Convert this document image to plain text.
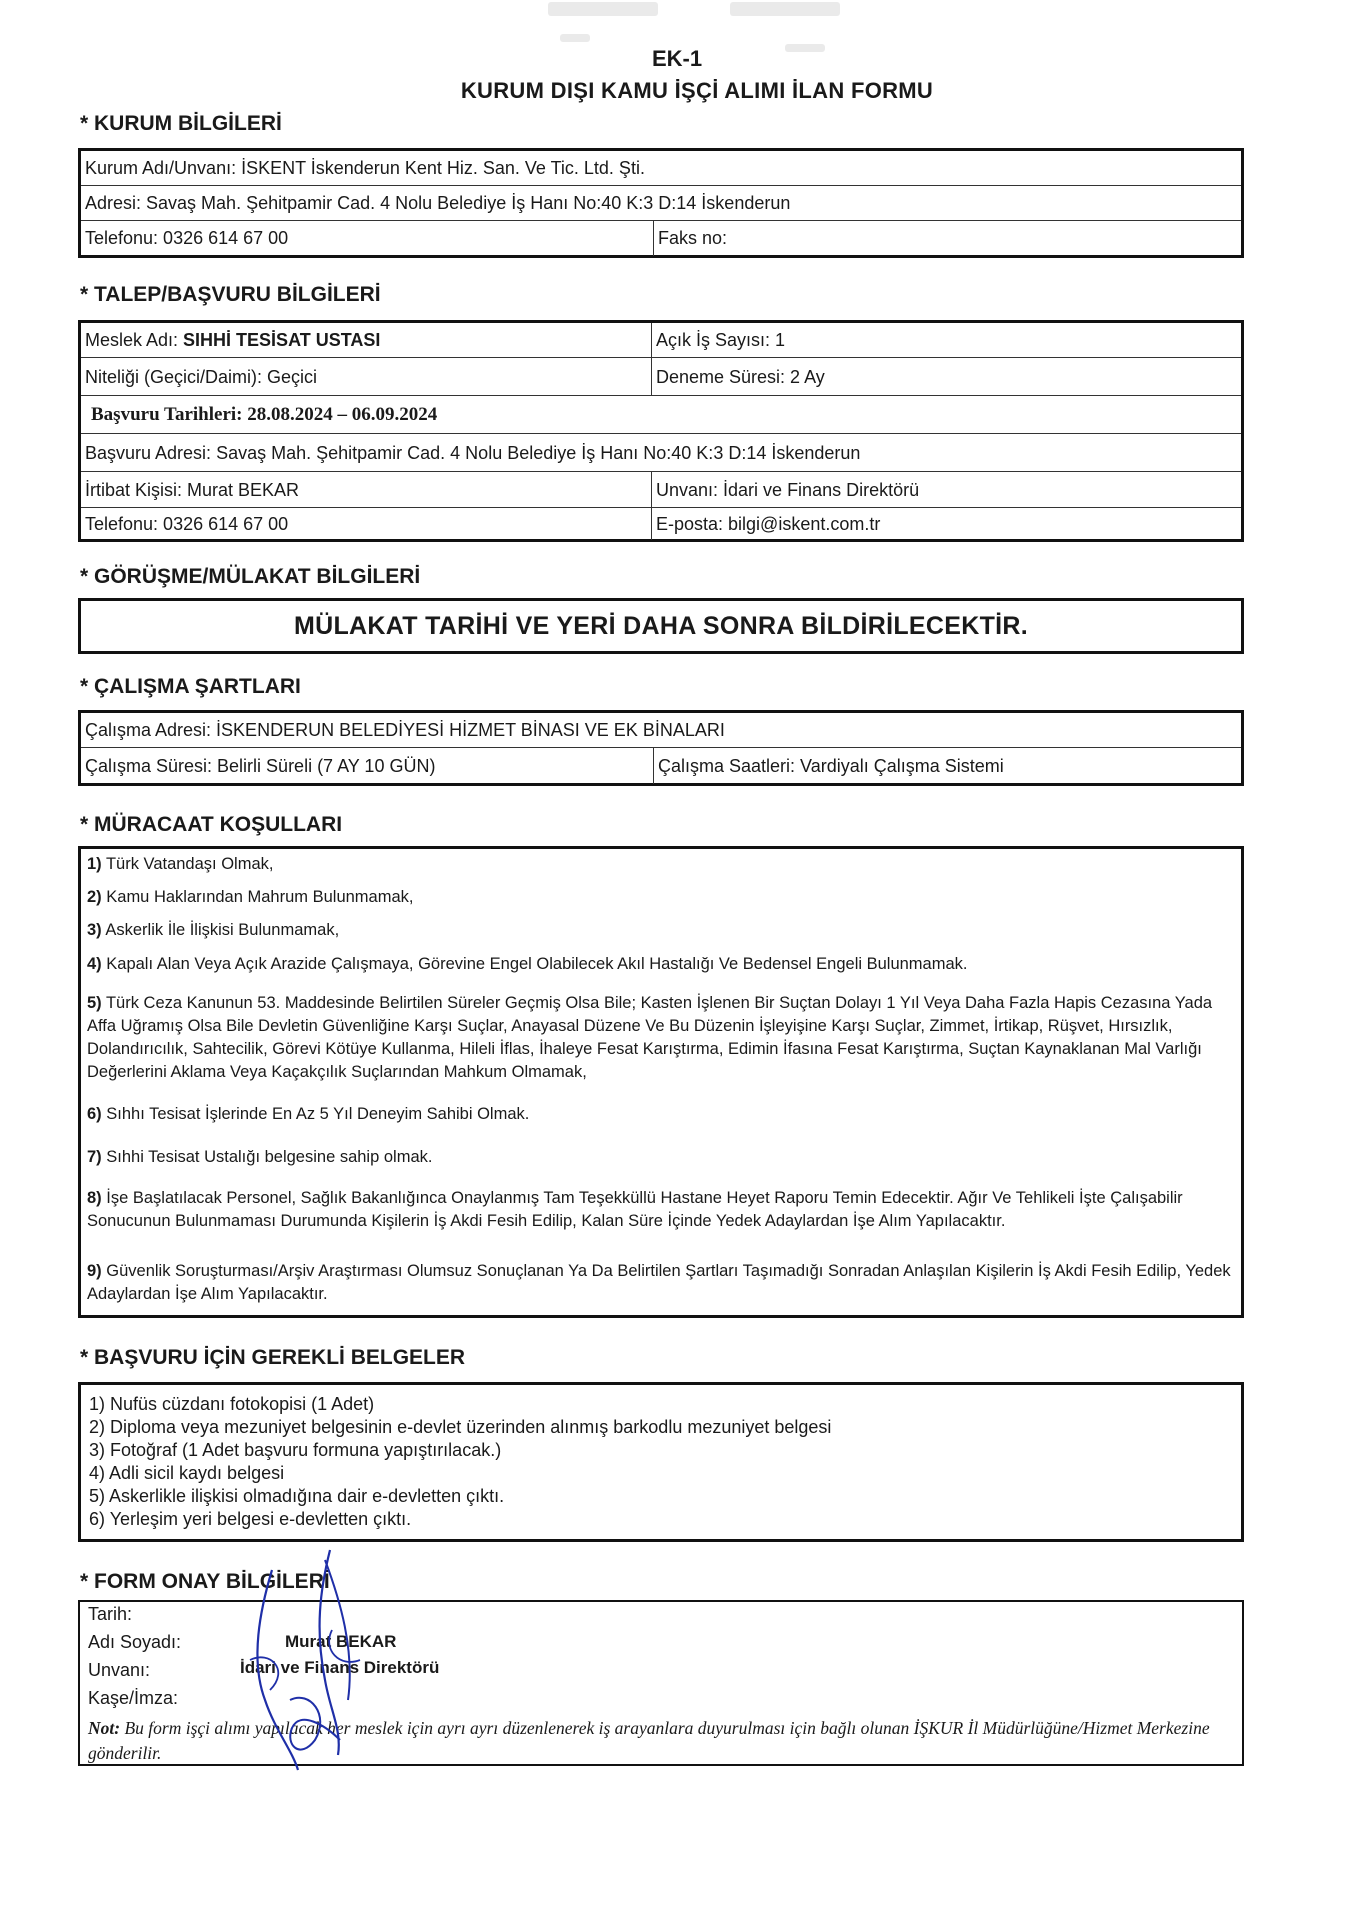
EK-1
KURUM DIŞI KAMU İŞÇİ ALIMI İLAN FORMU
* KURUM BİLGİLERİ
Kurum Adı/Unvanı: İSKENT İskenderun Kent Hiz. San. Ve Tic. Ltd. Şti.
Adresi: Savaş Mah. Şehitpamir Cad. 4 Nolu Belediye İş Hanı No:40 K:3 D:14 İskenderun
Telefonu: 0326 614 67 00	Faks no:
* TALEP/BAŞVURU BİLGİLERİ
Meslek Adı: SIHHİ TESİSAT USTASI	Açık İş Sayısı: 1
Niteliği (Geçici/Daimi): Geçici	Deneme Süresi: 2 Ay
Başvuru Tarihleri: 28.08.2024 – 06.09.2024
Başvuru Adresi: Savaş Mah. Şehitpamir Cad. 4 Nolu Belediye İş Hanı No:40 K:3 D:14 İskenderun
İrtibat Kişisi: Murat BEKAR	Unvanı: İdari ve Finans Direktörü
Telefonu: 0326 614 67 00	E-posta: bilgi@iskent.com.tr
* GÖRÜŞME/MÜLAKAT BİLGİLERİ
MÜLAKAT TARİHİ VE YERİ DAHA SONRA BİLDİRİLECEKTİR.
* ÇALIŞMA ŞARTLARI
Çalışma Adresi: İSKENDERUN BELEDİYESİ HİZMET BİNASI VE EK BİNALARI
Çalışma Süresi: Belirli Süreli (7 AY 10 GÜN)	Çalışma Saatleri: Vardiyalı Çalışma Sistemi
* MÜRACAAT KOŞULLARI
1) Türk Vatandaşı Olmak,
2) Kamu Haklarından Mahrum Bulunmamak,
3) Askerlik İle İlişkisi Bulunmamak,
4) Kapalı Alan Veya Açık Arazide Çalışmaya, Görevine Engel Olabilecek Akıl Hastalığı Ve Bedensel Engeli Bulunmamak.
5) Türk Ceza Kanunun 53. Maddesinde Belirtilen Süreler Geçmiş Olsa Bile; Kasten İşlenen Bir Suçtan Dolayı 1 Yıl Veya Daha Fazla Hapis Cezasına Yada Affa Uğramış Olsa Bile Devletin Güvenliğine Karşı Suçlar, Anayasal Düzene Ve Bu Düzenin İşleyişine Karşı Suçlar, Zimmet, İrtikap, Rüşvet, Hırsızlık, Dolandırıcılık, Sahtecilik, Görevi Kötüye Kullanma, Hileli İflas, İhaleye Fesat Karıştırma, Edimin İfasına Fesat Karıştırma, Suçtan Kaynaklanan Mal Varlığı Değerlerini Aklama Veya Kaçakçılık Suçlarından Mahkum Olmamak,
6) Sıhhı Tesisat İşlerinde En Az 5 Yıl Deneyim Sahibi Olmak.
7) Sıhhi Tesisat Ustalığı belgesine sahip olmak.
8) İşe Başlatılacak Personel, Sağlık Bakanlığınca Onaylanmış Tam Teşekküllü Hastane Heyet Raporu Temin Edecektir. Ağır Ve Tehlikeli İşte Çalışabilir Sonucunun Bulunmaması Durumunda Kişilerin İş Akdi Fesih Edilip, Kalan Süre İçinde Yedek Adaylardan İşe Alım Yapılacaktır.
9) Güvenlik Soruşturması/Arşiv Araştırması Olumsuz Sonuçlanan Ya Da Belirtilen Şartları Taşımadığı Sonradan Anlaşılan Kişilerin İş Akdi Fesih Edilip, Yedek Adaylardan İşe Alım Yapılacaktır.
* BAŞVURU İÇİN GEREKLİ BELGELER
1) Nufüs cüzdanı fotokopisi (1 Adet)
2) Diploma veya mezuniyet belgesinin e-devlet üzerinden alınmış barkodlu mezuniyet belgesi
3) Fotoğraf (1 Adet başvuru formuna yapıştırılacak.)
4) Adli sicil kaydı belgesi
5) Askerlikle ilişkisi olmadığına dair e-devletten çıktı.
6) Yerleşim yeri belgesi e-devletten çıktı.
* FORM ONAY BİLGİLERİ
Tarih:
Adı Soyadı:	Murat BEKAR
Unvanı:	İdari ve Finans Direktörü
Kaşe/İmza:
Not: Bu form işçi alımı yapılacak her meslek için ayrı ayrı düzenlenerek iş arayanlara duyurulması için bağlı olunan İŞKUR İl Müdürlüğüne/Hizmet Merkezine gönderilir.
